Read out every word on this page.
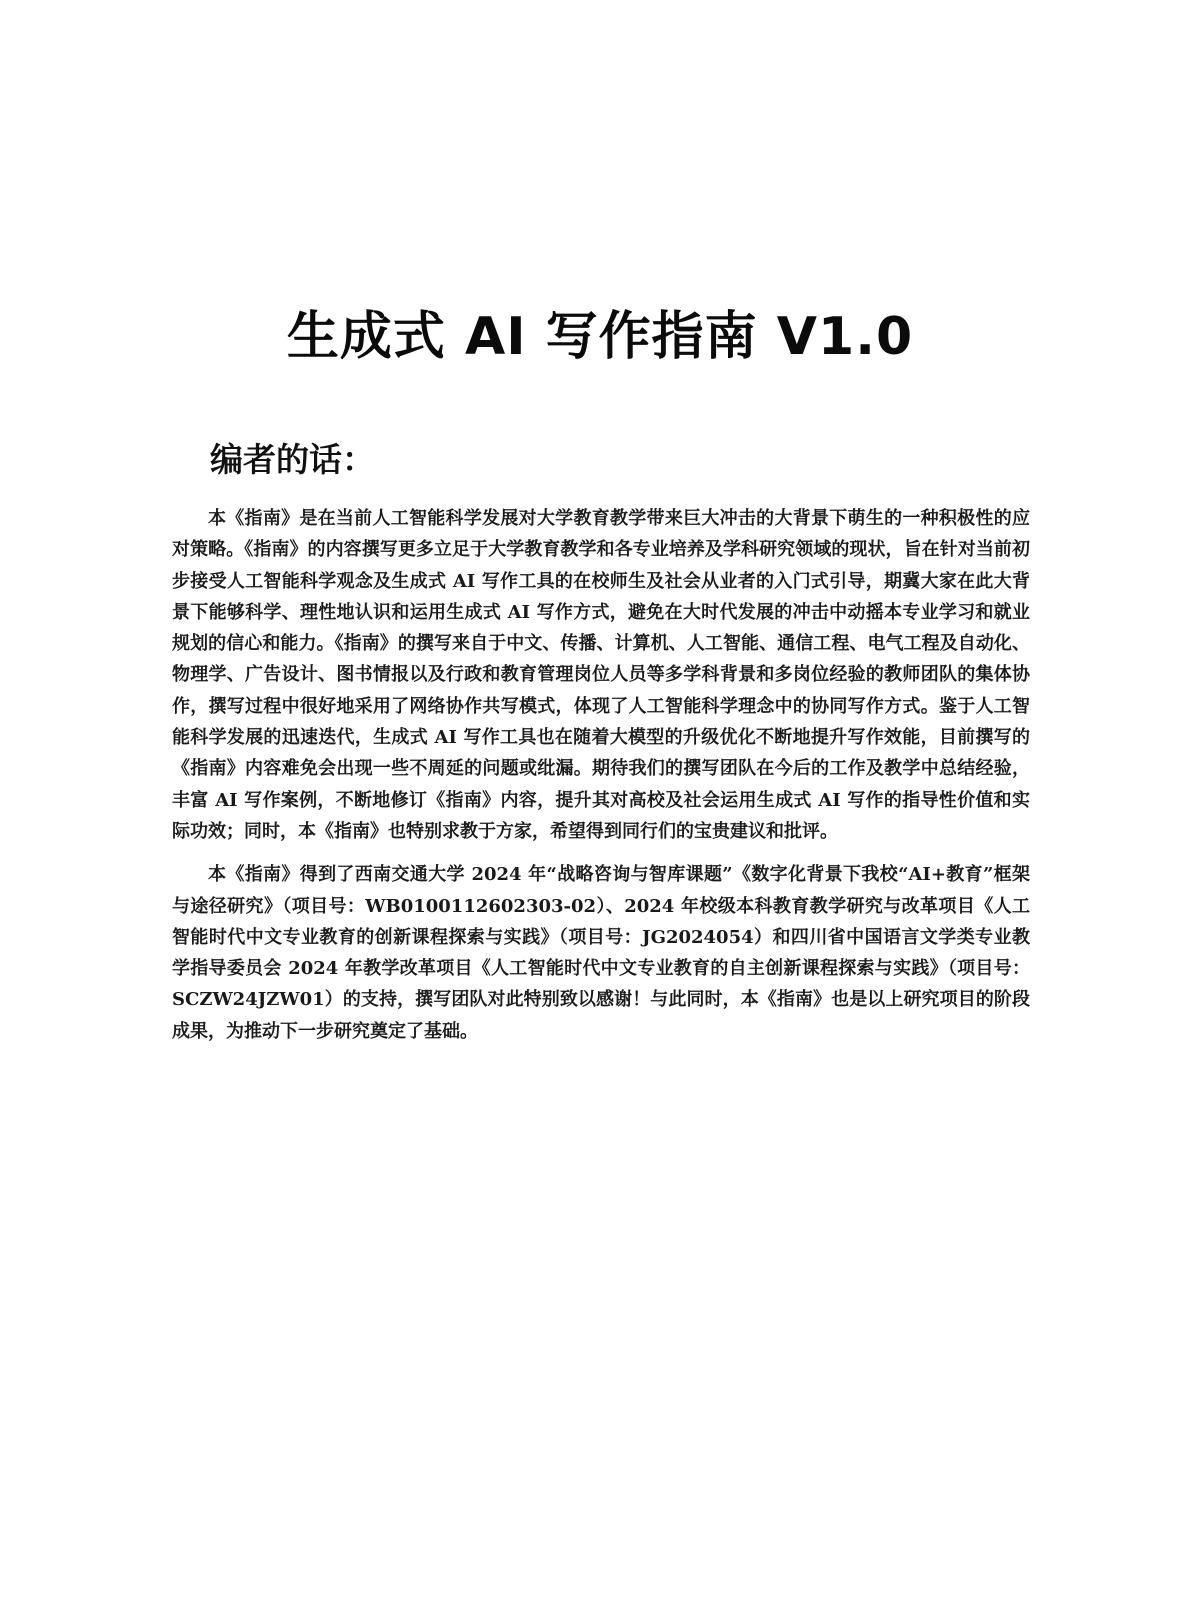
生成式 AI 写作指南 V1.0
编者的话：

本《指南》是在当前人工智能科学发展对大学教育教学带来巨大冲击的大背景下萌生的一种积极性的应对策略。《指南》的内容撰写更多立足于大学教育教学和各专业培养及学科研究领域的现状，旨在针对当前初步接受人工智能科学观念及生成式 AI 写作工具的在校师生及社会从业者的入门式引导，期冀大家在此大背景下能够科学、理性地认识和运用生成式 AI 写作方式，避免在大时代发展的冲击中动摇本专业学习和就业规划的信心和能力。《指南》的撰写来自于中文、传播、计算机、人工智能、通信工程、电气工程及自动化、物理学、广告设计、图书情报以及行政和教育管理岗位人员等多学科背景和多岗位经验的教师团队的集体协作，撰写过程中很好地采用了网络协作共写模式，体现了人工智能科学理念中的协同写作方式。鉴于人工智能科学发展的迅速迭代，生成式 AI 写作工具也在随着大模型的升级优化不断地提升写作效能，目前撰写的《指南》内容难免会出现一些不周延的问题或纰漏。期待我们的撰写团队在今后的工作及教学中总结经验，丰富 AI 写作案例，不断地修订《指南》内容，提升其对高校及社会运用生成式 AI 写作的指导性价值和实际功效；同时，本《指南》也特别求教于方家，希望得到同行们的宝贵建议和批评。

本《指南》得到了西南交通大学 2024 年“战略咨询与智库课题”《数字化背景下我校“AI+教育”框架与途径研究》（项目号：WB0100112602303-02）、2024 年校级本科教育教学研究与改革项目《人工智能时代中文专业教育的创新课程探索与实践》（项目号：JG2024054）和四川省中国语言文学类专业教学指导委员会 2024 年教学改革项目《人工智能时代中文专业教育的自主创新课程探索与实践》（项目号：SCZW24JZW01）的支持，撰写团队对此特别致以感谢！与此同时，本《指南》也是以上研究项目的阶段成果，为推动下一步研究奠定了基础。
